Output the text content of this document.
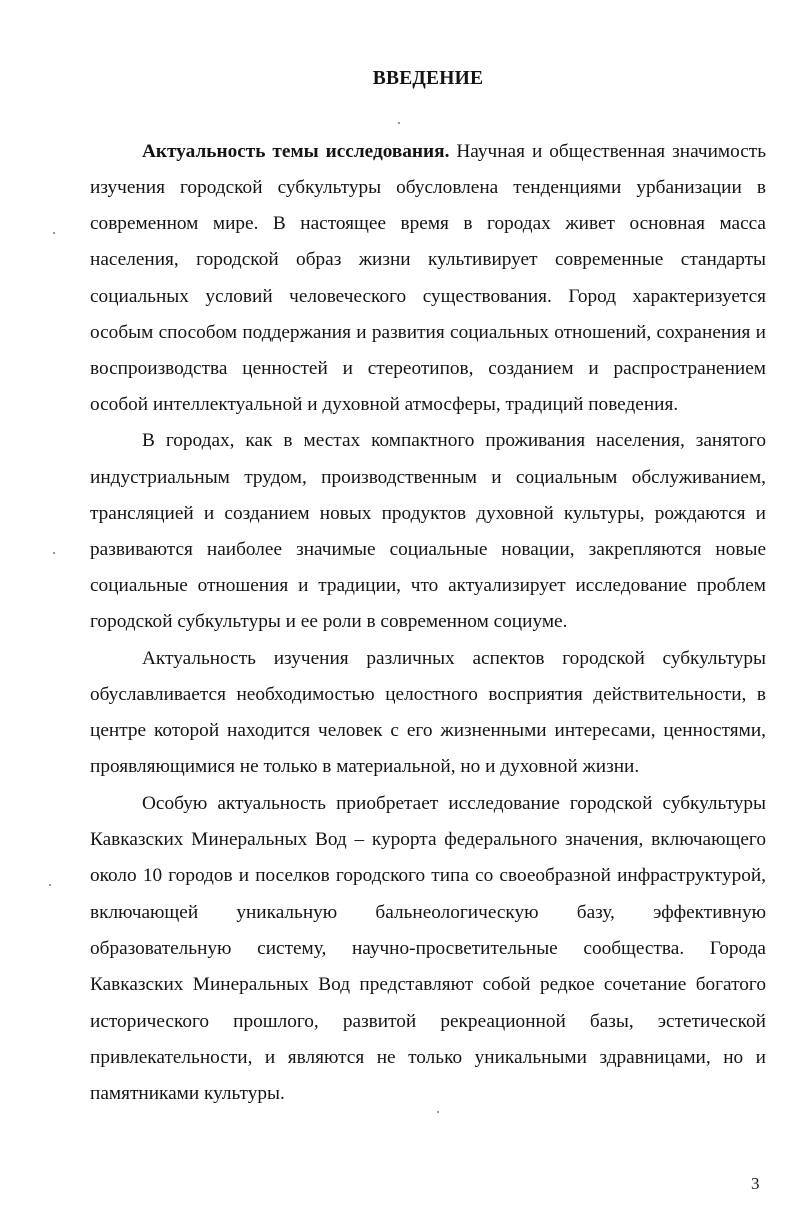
ВВЕДЕНИЕ
Актуальность темы исследования. Научная и общественная значимость
изучения городской субкультуры обусловлена тенденциями урбанизации в
современном мире. В настоящее время в городах живет основная масса
населения, городской образ жизни культивирует современные стандарты
социальных условий человеческого существования. Город характеризуется
особым способом поддержания и развития социальных отношений, сохранения и
воспроизводства ценностей и стереотипов, созданием и распространением
особой интеллектуальной и духовной атмосферы, традиций поведения.
В городах, как в местах компактного проживания населения, занятого
индустриальным трудом, производственным и социальным обслуживанием,
трансляцией и созданием новых продуктов духовной культуры, рождаются и
развиваются наиболее значимые социальные новации, закрепляются новые
социальные отношения и традиции, что актуализирует исследование проблем
городской субкультуры и ее роли в современном социуме.
Актуальность изучения различных аспектов городской субкультуры
обуславливается необходимостью целостного восприятия действительности, в
центре которой находится человек с его жизненными интересами, ценностями,
проявляющимися не только в материальной, но и духовной жизни.
Особую актуальность приобретает исследование городской субкультуры
Кавказских Минеральных Вод – курорта федерального значения, включающего
около 10 городов и поселков городского типа со своеобразной инфраструктурой,
включающей уникальную бальнеологическую базу, эффективную
образовательную систему, научно-просветительные сообщества. Города
Кавказских Минеральных Вод представляют собой редкое сочетание богатого
исторического прошлого, развитой рекреационной базы, эстетической
привлекательности, и являются не только уникальными здравницами, но и
памятниками культуры.
3
